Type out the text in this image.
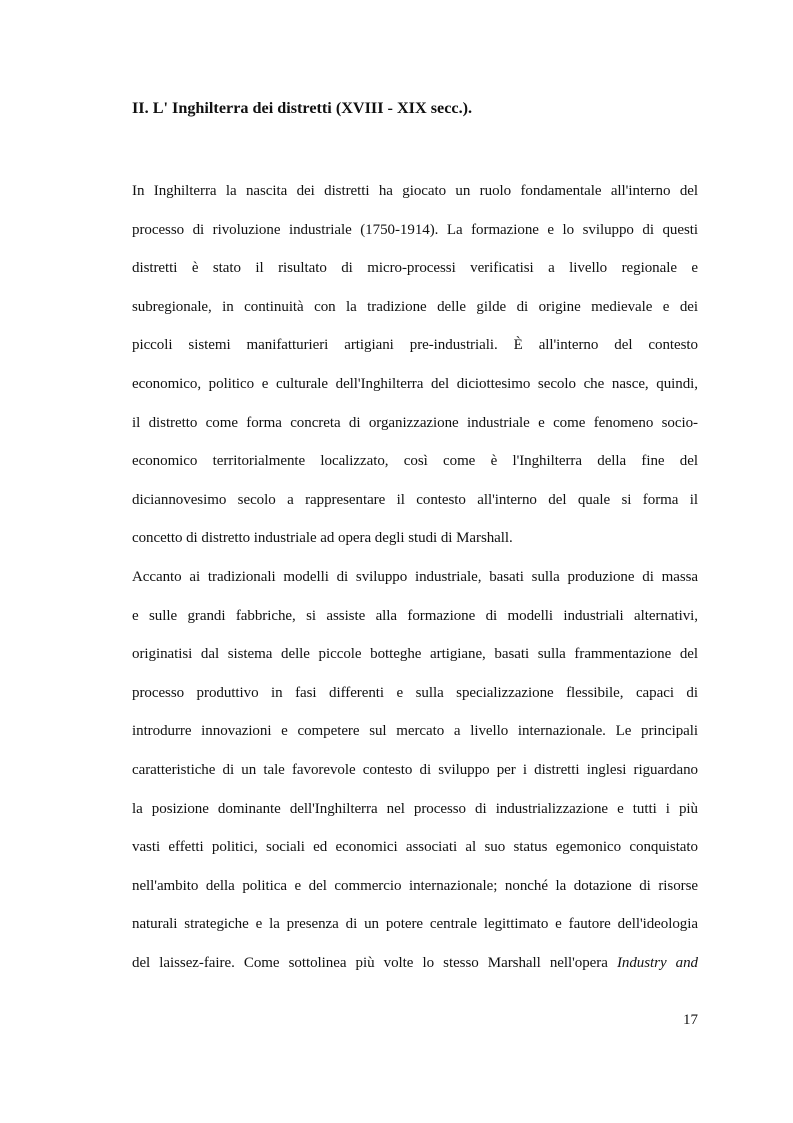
II. L' Inghilterra dei distretti (XVIII - XIX secc.).
In Inghilterra la nascita dei distretti ha giocato un ruolo fondamentale all'interno del
processo di rivoluzione industriale (1750-1914). La formazione e lo sviluppo di questi
distretti è stato il risultato di micro-processi verificatisi a livello regionale e
subregionale, in continuità con la tradizione delle gilde di origine medievale e dei
piccoli sistemi manifatturieri artigiani pre-industriali. È all'interno del contesto
economico, politico e culturale dell'Inghilterra del diciottesimo secolo che nasce, quindi,
il distretto come forma concreta di organizzazione industriale e come fenomeno socio-
economico territorialmente localizzato, così come è l'Inghilterra della fine del
diciannovesimo secolo a rappresentare il contesto all'interno del quale si forma il
concetto di distretto industriale ad opera degli studi di Marshall.
Accanto ai tradizionali modelli di sviluppo industriale, basati sulla produzione di massa
e sulle grandi fabbriche, si assiste alla formazione di modelli industriali alternativi,
originatisi dal sistema delle piccole botteghe artigiane, basati sulla frammentazione del
processo produttivo in fasi differenti e sulla specializzazione flessibile, capaci di
introdurre innovazioni e competere sul mercato a livello internazionale. Le principali
caratteristiche di un tale favorevole contesto di sviluppo per i distretti inglesi riguardano
la posizione dominante dell'Inghilterra nel processo di industrializzazione e tutti i più
vasti effetti politici, sociali ed economici associati al suo status egemonico conquistato
nell'ambito della politica e del commercio internazionale; nonché la dotazione di risorse
naturali strategiche e la presenza di un potere centrale legittimato e fautore dell'ideologia
del laissez-faire. Come sottolinea più volte lo stesso Marshall nell'opera Industry and
17
